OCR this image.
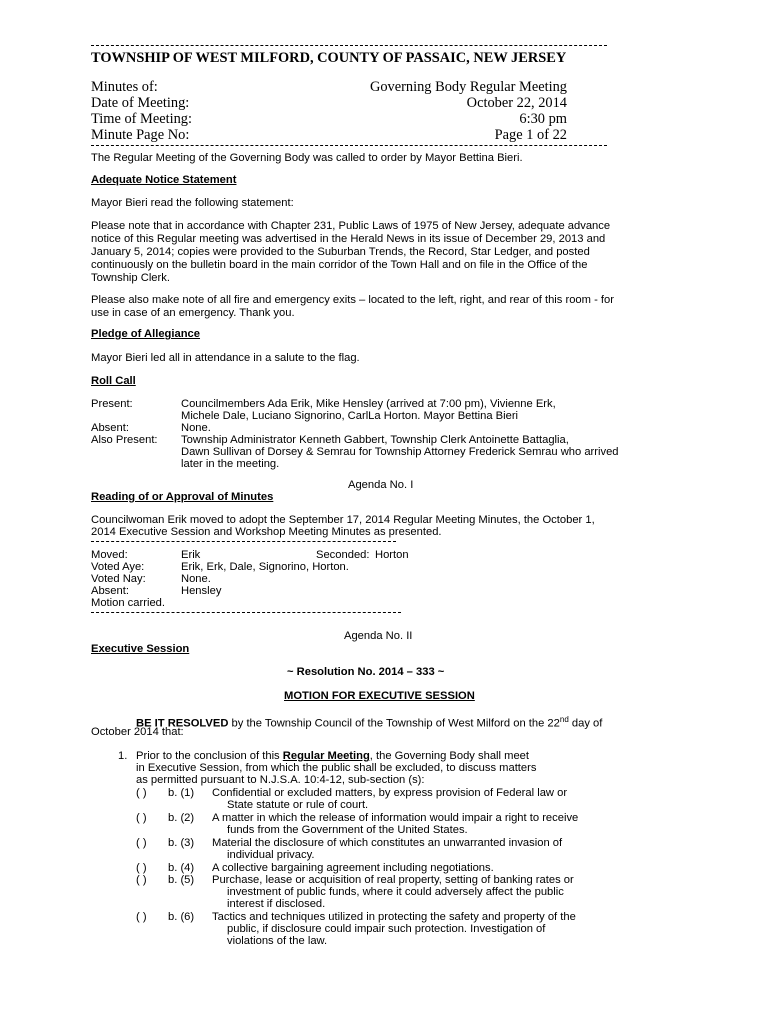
TOWNSHIP OF WEST MILFORD, COUNTY OF PASSAIC, NEW JERSEY
Minutes of:	Governing Body Regular Meeting
Date of Meeting:	October 22, 2014
Time of Meeting:	6:30 pm
Minute Page No:	Page 1 of 22
The Regular Meeting of the Governing Body was called to order by Mayor Bettina Bieri.
Adequate Notice Statement
Mayor Bieri read the following statement:
Please note that in accordance with Chapter 231, Public Laws of 1975 of New Jersey, adequate advance
notice of this Regular meeting was advertised in the Herald News in its issue of December 29, 2013 and
January 5, 2014; copies were provided to the Suburban Trends, the Record, Star Ledger, and posted
continuously on the bulletin board in the main corridor of the Town Hall and on file in the Office of the
Township Clerk.
Please also make note of all fire and emergency exits – located to the left, right, and rear of this room - for
use in case of an emergency. Thank you.
Pledge of Allegiance
Mayor Bieri led all in attendance in a salute to the flag.
Roll Call
Present:	Councilmembers Ada Erik, Mike Hensley (arrived at 7:00 pm), Vivienne Erk,
Michele Dale, Luciano Signorino, CarlLa Horton. Mayor Bettina Bieri
Absent:	None.
Also Present: Township Administrator Kenneth Gabbert, Township Clerk Antoinette Battaglia,
Dawn Sullivan of Dorsey & Semrau for Township Attorney Frederick Semrau who arrived
later in the meeting.
Agenda No. I
Reading of or Approval of Minutes
Councilwoman Erik moved to adopt the September 17, 2014 Regular Meeting Minutes, the October 1,
2014 Executive Session and Workshop Meeting Minutes as presented.
Moved:	Erik	Seconded: Horton
Voted Aye:	Erik, Erk, Dale, Signorino, Horton.
Voted Nay:	None.
Absent:	Hensley
Motion carried.
Agenda No. II
Executive Session
~ Resolution No. 2014 – 333 ~
MOTION FOR EXECUTIVE SESSION
BE IT RESOLVED by the Township Council of the Township of West Milford on the 22nd day of
October 2014 that:
1. Prior to the conclusion of this Regular Meeting, the Governing Body shall meet
in Executive Session, from which the public shall be excluded, to discuss matters
as permitted pursuant to N.J.S.A. 10:4-12, sub-section (s):
( ) b. (1) Confidential or excluded matters, by express provision of Federal law or
State statute or rule of court.
( ) b. (2) A matter in which the release of information would impair a right to receive
funds from the Government of the United States.
( ) b. (3) Material the disclosure of which constitutes an unwarranted invasion of
individual privacy.
( ) b. (4) A collective bargaining agreement including negotiations.
( ) b. (5) Purchase, lease or acquisition of real property, setting of banking rates or
investment of public funds, where it could adversely affect the public
interest if disclosed.
( ) b. (6) Tactics and techniques utilized in protecting the safety and property of the
public, if disclosure could impair such protection. Investigation of
violations of the law.
